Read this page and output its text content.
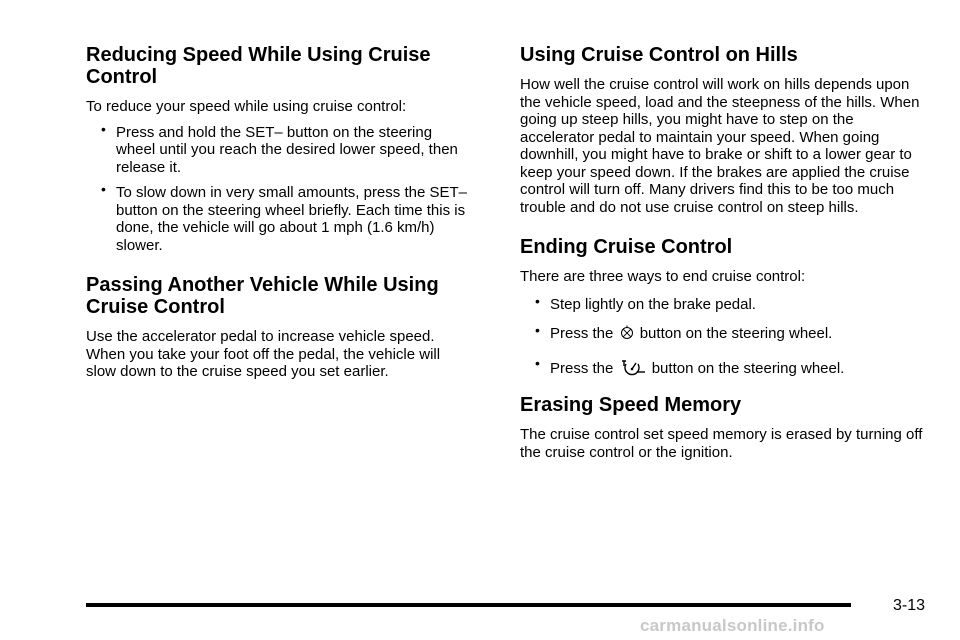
Reducing Speed While Using Cruise Control

To reduce your speed while using cruise control:

• Press and hold the SET– button on the steering wheel until you reach the desired lower speed, then release it.
• To slow down in very small amounts, press the SET– button on the steering wheel briefly. Each time this is done, the vehicle will go about 1 mph (1.6 km/h) slower.
Passing Another Vehicle While Using Cruise Control

Use the accelerator pedal to increase vehicle speed. When you take your foot off the pedal, the vehicle will slow down to the cruise speed you set earlier.

Using Cruise Control on Hills

How well the cruise control will work on hills depends upon the vehicle speed, load and the steepness of the hills. When going up steep hills, you might have to step on the accelerator pedal to maintain your speed. When going downhill, you might have to brake or shift to a lower gear to keep your speed down. If the brakes are applied the cruise control will turn off. Many drivers find this to be too much trouble and do not use cruise control on steep hills.

Ending Cruise Control

There are three ways to end cruise control:

• Step lightly on the brake pedal.
• Press the button on the steering wheel.
• Press the	button on the steering wheel.
Erasing Speed Memory

The cruise control set speed memory is erased by turning off the cruise control or the ignition.

3-13
carmanualsonline.info
